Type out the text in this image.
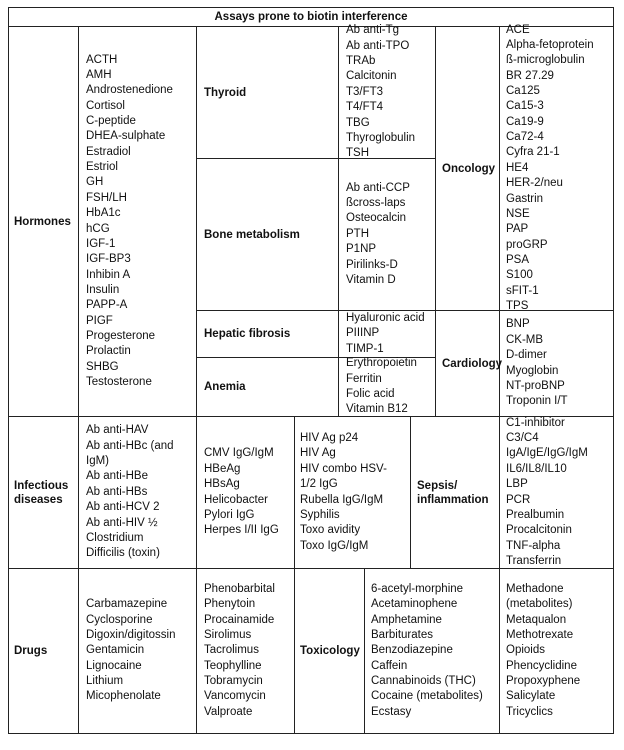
Assays prone to biotin interference
Hormones
ACTH
AMH
Androstenedione
Cortisol
C-peptide
DHEA-sulphate
Estradiol
Estriol
GH
FSH/LH
HbA1c
hCG
IGF-1
IGF-BP3
Inhibin A
Insulin
PAPP-A
PIGF
Progesterone
Prolactin
SHBG
Testosterone
Thyroid
Ab anti-Tg
Ab anti-TPO
TRAb
Calcitonin
T3/FT3
T4/FT4
TBG
Thyroglobulin
TSH
Bone metabolism
Ab anti-CCP
ßcross-laps
Osteocalcin
PTH
P1NP
Pirilinks-D
Vitamin D
Hepatic fibrosis
Hyaluronic acid
PIIINP
TIMP-1
Anemia
Erythropoietin
Ferritin
Folic acid
Vitamin B12
Oncology
ACE
Alpha-fetoprotein
ß-microglobulin
BR 27.29
Ca125
Ca15-3
Ca19-9
Ca72-4
Cyfra 21-1
HE4
HER-2/neu
Gastrin
NSE
PAP
proGRP
PSA
S100
sFIT-1
TPS
Cardiology
BNP
CK-MB
D-dimer
Myoglobin
NT-proBNP
Troponin I/T
Infectious
diseases
Ab anti-HAV
Ab anti-HBc (and
IgM)
Ab anti-HBe
Ab anti-HBs
Ab anti-HCV 2
Ab anti-HIV ½
Clostridium
Difficilis (toxin)
CMV IgG/IgM
HBeAg
HBsAg
Helicobacter
Pylori IgG
Herpes I/II IgG
HIV Ag p24
HIV Ag
HIV combo HSV-
1/2 IgG
Rubella IgG/IgM
Syphilis
Toxo avidity
Toxo IgG/IgM
Sepsis/
inflammation
C1-inhibitor
C3/C4
IgA/IgE/IgG/IgM
IL6/IL8/IL10
LBP
PCR
Prealbumin
Procalcitonin
TNF-alpha
Transferrin
Drugs
Carbamazepine
Cyclosporine
Digoxin/digitossin
Gentamicin
Lignocaine
Lithium
Micophenolate
Phenobarbital
Phenytoin
Procainamide
Sirolimus
Tacrolimus
Teophylline
Tobramycin
Vancomycin
Valproate
Toxicology
6-acetyl-morphine
Acetaminophene
Amphetamine
Barbiturates
Benzodiazepine
Caffein
Cannabinoids (THC)
Cocaine (metabolites)
Ecstasy
Methadone
(metabolites)
Metaqualon
Methotrexate
Opioids
Phencyclidine
Propoxyphene
Salicylate
Tricyclics
